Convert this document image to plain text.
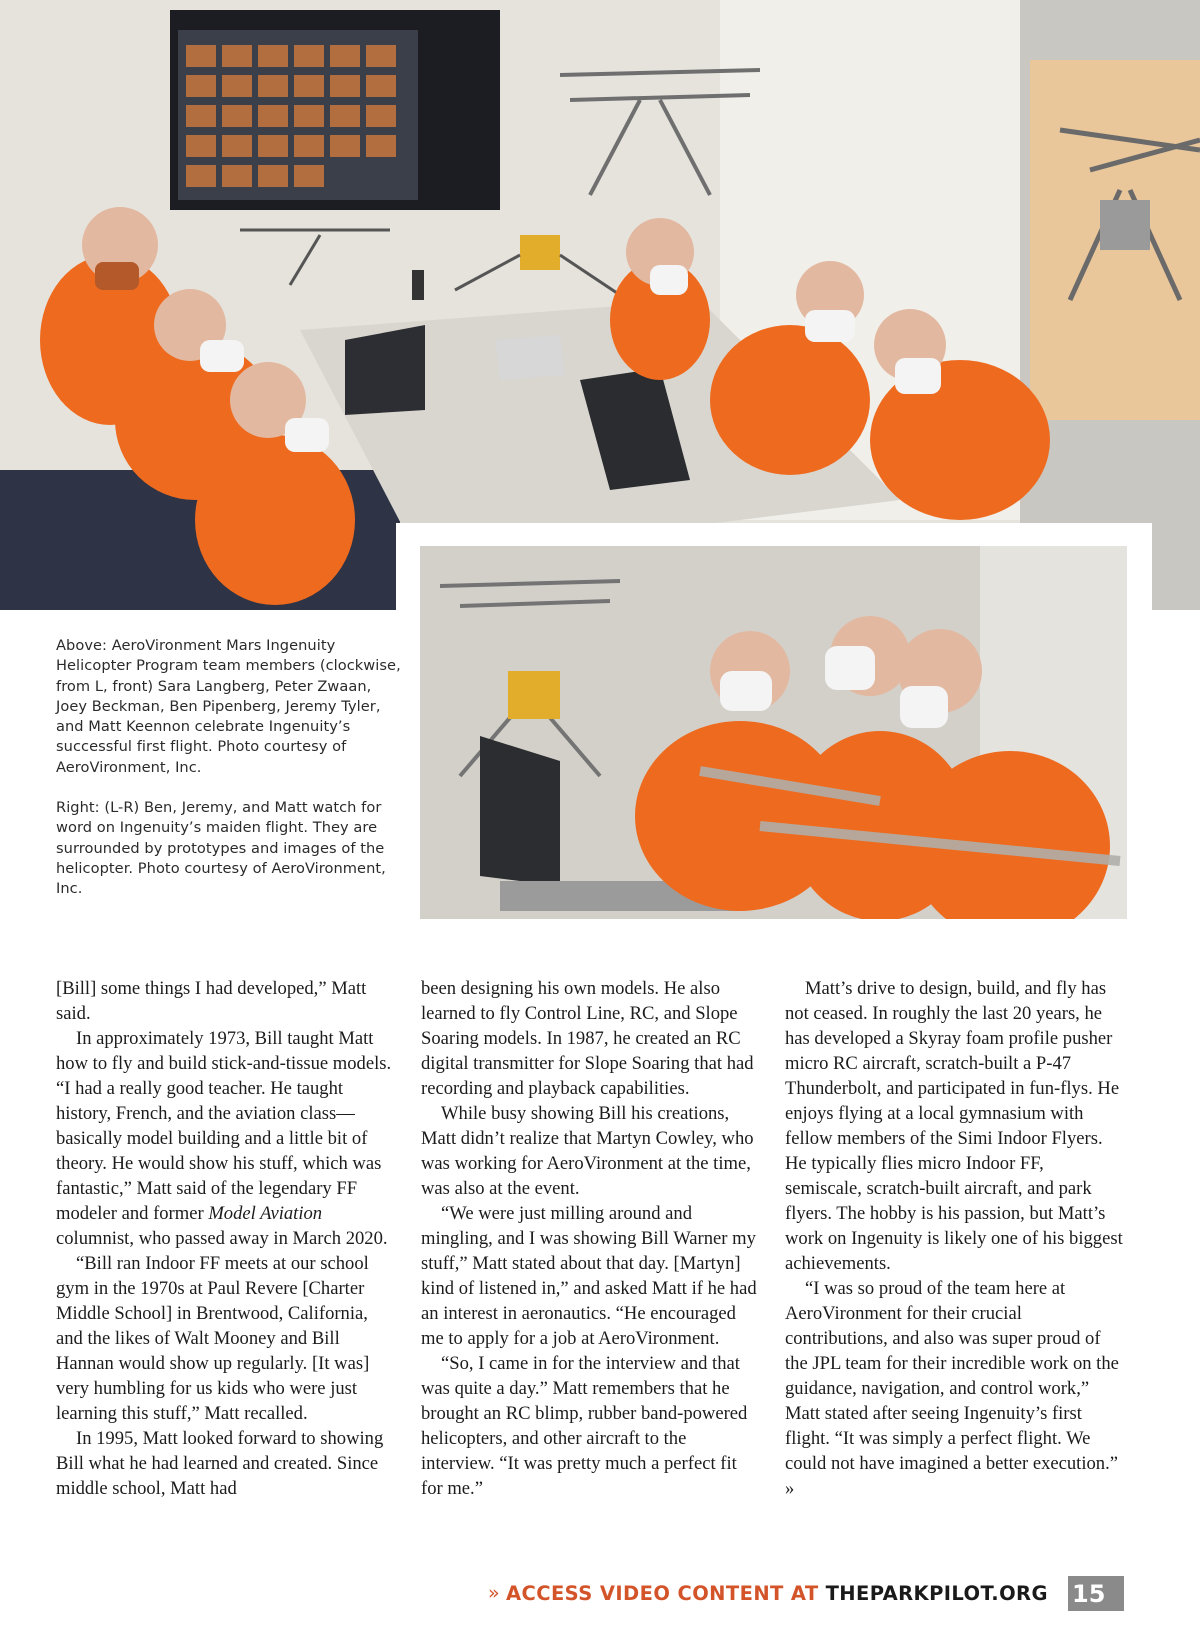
Above: AeroVironment Mars Ingenuity Helicopter Program team members (clockwise, from L, front) Sara Langberg, Peter Zwaan, Joey Beckman, Ben Pipenberg, Jeremy Tyler, and Matt Keennon celebrate Ingenuity’s successful first flight. Photo courtesy of AeroVironment, Inc.

Right: (L-R) Ben, Jeremy, and Matt watch for word on Ingenuity’s maiden flight. They are surrounded by prototypes and images of the helicopter. Photo courtesy of AeroVironment, Inc.

[Bill] some things I had developed,” Matt said.

In approximately 1973, Bill taught Matt how to fly and build stick-and-tissue models. “I had a really good teacher. He taught history, French, and the aviation class—basically model building and a little bit of theory. He would show his stuff, which was fantastic,” Matt said of the legendary FF modeler and former Model Aviation columnist, who passed away in March 2020.

“Bill ran Indoor FF meets at our school gym in the 1970s at Paul Revere [Charter Middle School] in Brentwood, California, and the likes of Walt Mooney and Bill Hannan would show up regularly. [It was] very humbling for us kids who were just learning this stuff,” Matt recalled.

In 1995, Matt looked forward to showing Bill what he had learned and created. Since middle school, Matt had

been designing his own models. He also learned to fly Control Line, RC, and Slope Soaring models. In 1987, he created an RC digital transmitter for Slope Soaring that had recording and playback capabilities.

While busy showing Bill his creations, Matt didn’t realize that Martyn Cowley, who was working for AeroVironment at the time, was also at the event.

“We were just milling around and mingling, and I was showing Bill Warner my stuff,” Matt stated about that day. [Martyn] kind of listened in,” and asked Matt if he had an interest in aeronautics. “He encouraged me to apply for a job at AeroVironment.

“So, I came in for the interview and that was quite a day.” Matt remembers that he brought an RC blimp, rubber band-powered helicopters, and other aircraft to the interview. “It was pretty much a perfect fit for me.”

Matt’s drive to design, build, and fly has not ceased. In roughly the last 20 years, he has developed a Skyray foam profile pusher micro RC aircraft, scratch-built a P-47 Thunderbolt, and participated in fun-flys. He enjoys flying at a local gymnasium with fellow members of the Simi Indoor Flyers. He typically flies micro Indoor FF, semiscale, scratch-built aircraft, and park flyers. The hobby is his passion, but Matt’s work on Ingenuity is likely one of his biggest achievements.

“I was so proud of the team here at AeroVironment for their crucial contributions, and also was super proud of the JPL team for their incredible work on the guidance, navigation, and control work,” Matt stated after seeing Ingenuity’s first flight. “It was simply a perfect flight. We could not have imagined a better execution.” »

» ACCESS VIDEO CONTENT AT THEPARKPILOT.ORG 15
